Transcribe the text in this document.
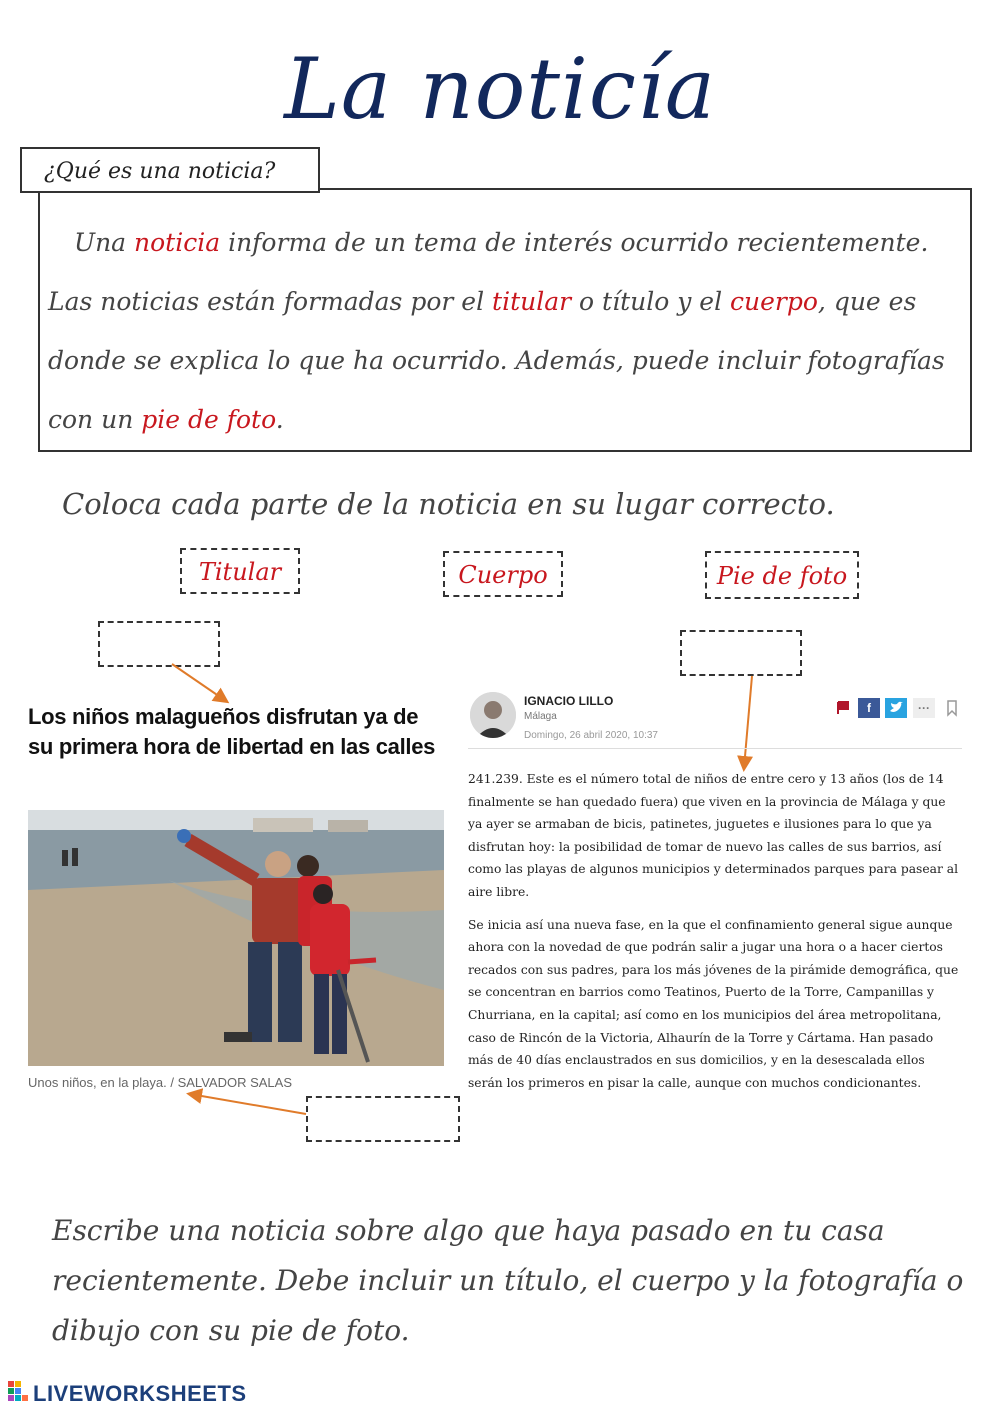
La noticía
¿Qué es una noticia?

Una noticia informa de un tema de interés ocurrido recientemente.

Las noticias están formadas por el titular o título y el cuerpo, que es

donde se explica lo que ha ocurrido. Además, puede incluir fotografías

con un pie de foto.

Coloca cada parte de la noticia en su lugar correcto.
Titular	Cuerpo	Pie de foto
Los niños malagueños disfrutan ya de su primera hora de libertad en las calles
Unos niños, en la playa. / SALVADOR SALAS
IGNACIO LILLO
Málaga
Domingo, 26 abril 2020, 10:37
f	···

241.239. Este es el número total de niños de entre cero y 13 años (los de 14 finalmente se han quedado fuera) que viven en la provincia de Málaga y que ya ayer se armaban de bicis, patinetes, juguetes e ilusiones para lo que ya disfrutan hoy: la posibilidad de tomar de nuevo las calles de sus barrios, así como las playas de algunos municipios y determinados parques para pasear al aire libre.

Se inicia así una nueva fase, en la que el confinamiento general sigue aunque ahora con la novedad de que podrán salir a jugar una hora o a hacer ciertos recados con sus padres, para los más jóvenes de la pirámide demográfica, que se concentran en barrios como Teatinos, Puerto de la Torre, Campanillas y Churriana, en la capital; así como en los municipios del área metropolitana, caso de Rincón de la Victoria, Alhaurín de la Torre y Cártama. Han pasado más de 40 días enclaustrados en sus domicilios, y en la desescalada ellos serán los primeros en pisar la calle, aunque con muchos condicionantes.

Escribe una noticia sobre algo que haya pasado en tu casa recientemente. Debe incluir un título, el cuerpo y la fotografía o dibujo con su pie de foto.
LIVEWORKSHEETS
